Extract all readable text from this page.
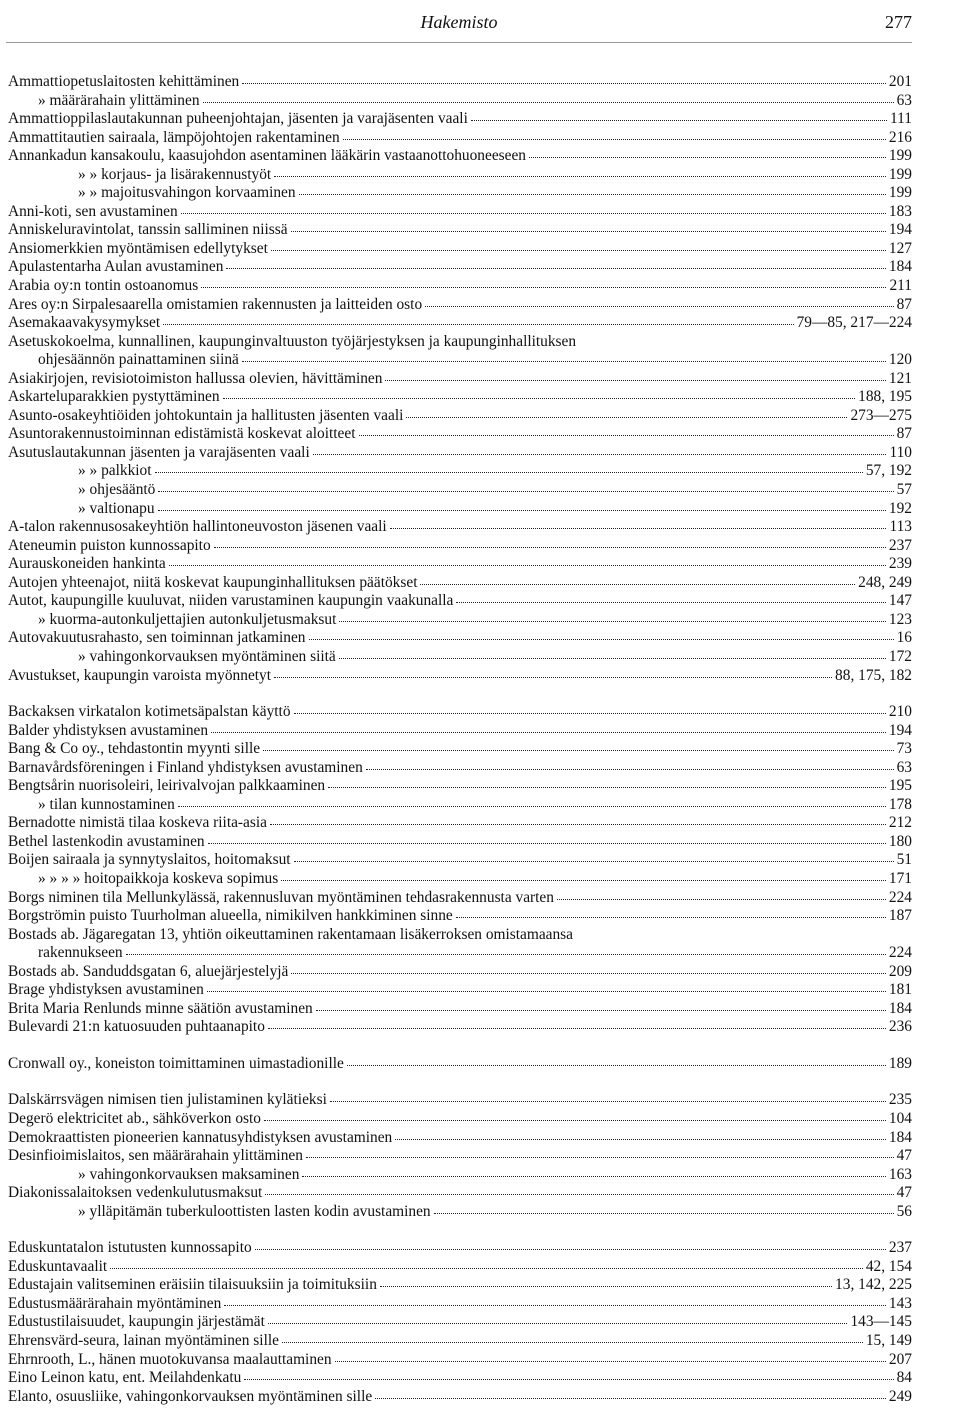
Hakemisto	277
Ammattiopetuslaitosten kehittäminen	201
» määrärahain ylittäminen	63
Ammattioppilaslautakunnan puheenjohtajan, jäsenten ja varajäsenten vaali	111
Ammattitautien sairaala, lämpöjohtojen rakentaminen	216
Annankadun kansakoulu, kaasujohdon asentaminen lääkärin vastaanottohuoneeseen	199
» » korjaus- ja lisärakennustyöt	199
» » majoitusvahingon korvaaminen	199
Anni-koti, sen avustaminen	183
Anniskeluravintolat, tanssin salliminen niissä	194
Ansiomerkkien myöntämisen edellytykset	127
Apulastentarha Aulan avustaminen	184
Arabia oy:n tontin ostoanomus	211
Ares oy:n Sirpalesaarella omistamien rakennusten ja laitteiden osto	87
Asemakaavakysymykset	79—85, 217—224
Asetuskokoelma, kunnallinen, kaupunginvaltuuston työjärjestyksen ja kaupunginhallituksen
ohjesäännön painattaminen siinä	120
Asiakirjojen, revisiotoimiston hallussa olevien, hävittäminen	121
Askarteluparakkien pystyttäminen	188, 195
Asunto-osakeyhtiöiden johtokuntain ja hallitusten jäsenten vaali	273—275
Asuntorakennustoiminnan edistämistä koskevat aloitteet	87
Asutuslautakunnan jäsenten ja varajäsenten vaali	110
» » palkkiot	57, 192
» ohjesääntö	57
» valtionapu	192
A-talon rakennusosakeyhtiön hallintoneuvoston jäsenen vaali	113
Ateneumin puiston kunnossapito	237
Aurauskoneiden hankinta	239
Autojen yhteenajot, niitä koskevat kaupunginhallituksen päätökset	248, 249
Autot, kaupungille kuuluvat, niiden varustaminen kaupungin vaakunalla	147
» kuorma-autonkuljettajien autonkuljetusmaksut	123
Autovakuutusrahasto, sen toiminnan jatkaminen	16
» vahingonkorvauksen myöntäminen siitä	172
Avustukset, kaupungin varoista myönnetyt	88, 175, 182
Backaksen virkatalon kotimetsäpalstan käyttö	210
Balder yhdistyksen avustaminen	194
Bang & Co oy., tehdastontin myynti sille	73
Barnavårdsföreningen i Finland yhdistyksen avustaminen	63
Bengtsårin nuorisoleiri, leirivalvojan palkkaaminen	195
» tilan kunnostaminen	178
Bernadotte nimistä tilaa koskeva riita-asia	212
Bethel lastenkodin avustaminen	180
Boijen sairaala ja synnytyslaitos, hoitomaksut	51
» » » » hoitopaikkoja koskeva sopimus	171
Borgs niminen tila Mellunkylässä, rakennusluvan myöntäminen tehdasrakennusta varten	224
Borgströmin puisto Tuurholman alueella, nimikilven hankkiminen sinne	187
Bostads ab. Jägaregatan 13, yhtiön oikeuttaminen rakentamaan lisäkerroksen omistamaansa
rakennukseen	224
Bostads ab. Sanduddsgatan 6, aluejärjestelyjä	209
Brage yhdistyksen avustaminen	181
Brita Maria Renlunds minne säätiön avustaminen	184
Bulevardi 21:n katuosuuden puhtaanapito	236
Cronwall oy., koneiston toimittaminen uimastadionille	189
Dalskärrsvägen nimisen tien julistaminen kylätieksi	235
Degerö elektricitet ab., sähköverkon osto	104
Demokraattisten pioneerien kannatusyhdistyksen avustaminen	184
Desinfioimislaitos, sen määrärahain ylittäminen	47
» vahingonkorvauksen maksaminen	163
Diakonissalaitoksen vedenkulutusmaksut	47
» ylläpitämän tuberkuloottisten lasten kodin avustaminen	56
Eduskuntatalon istutusten kunnossapito	237
Eduskuntavaalit	42, 154
Edustajain valitseminen eräisiin tilaisuuksiin ja toimituksiin	13, 142, 225
Edustusmäärärahain myöntäminen	143
Edustustilaisuudet, kaupungin järjestämät	143—145
Ehrensvärd-seura, lainan myöntäminen sille	15, 149
Ehrnrooth, L., hänen muotokuvansa maalauttaminen	207
Eino Leinon katu, ent. Meilahdenkatu	84
Elanto, osuusliike, vahingonkorvauksen myöntäminen sille	249
